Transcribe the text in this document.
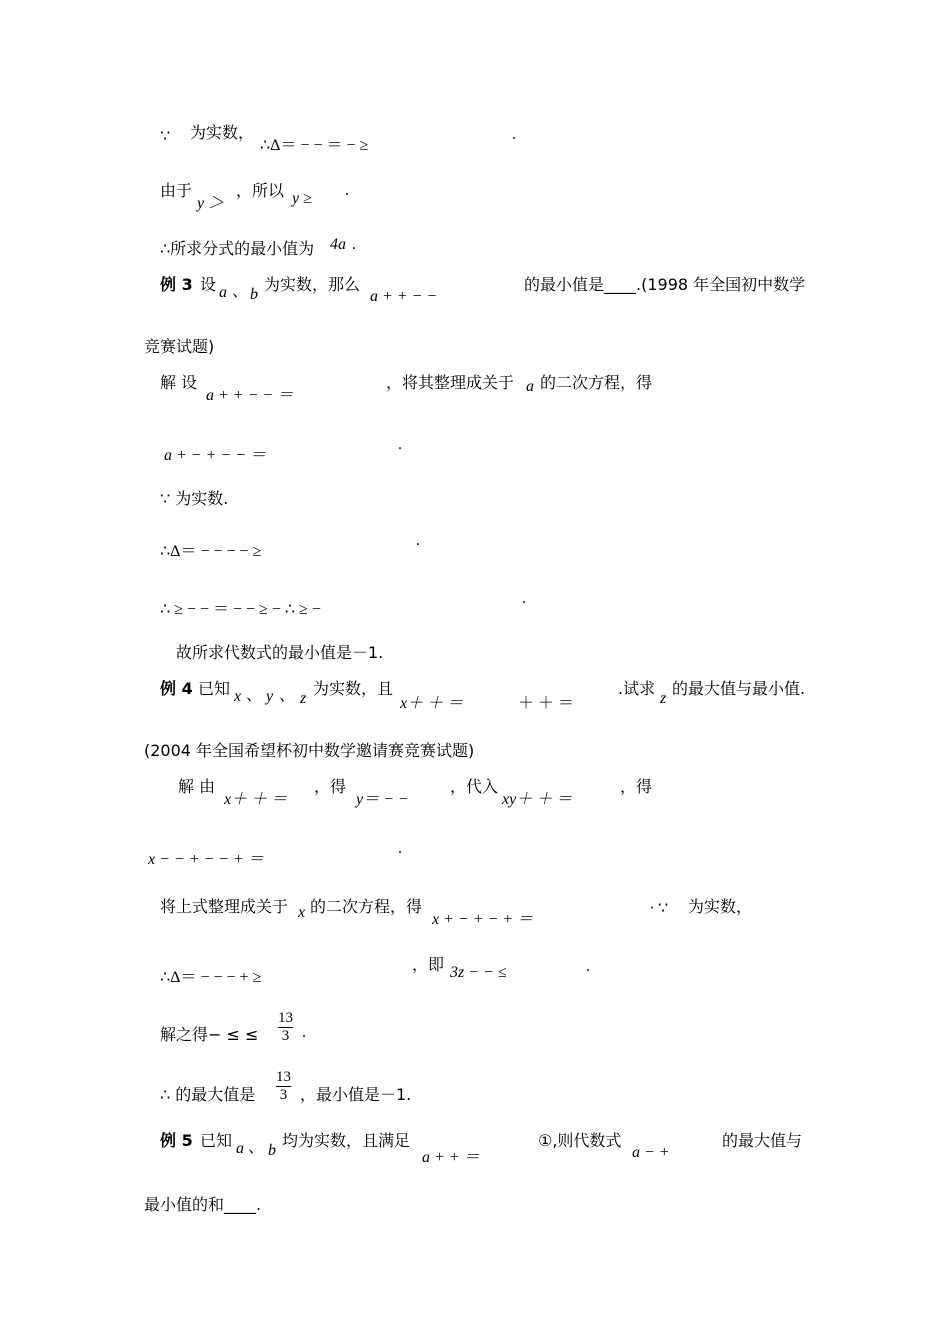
∵ 为实数，
∴Δ＝ − − ＝ − ≥
.
由于
y ＞
，所以 y ≥ .
∴所求分式的最小值为 4a .
例 3 设 a 、 b
为实数，那么
a + + − −
的最小值是____.(1998 年全国初中数学
竞赛试题)
解 设
a + + − − ＝
，将其整理成关于 a 的二次方程，得
a + − + − − ＝
.
∵ 为实数.
∴Δ＝ − − − − ≥
.
∴ ≥ − − ＝ − − ≥ − ∴ ≥ −
.
故所求代数式的最小值是－1.
例 4 已知 x 、 y 、 z
为实数，且
x＋ ＋ ＝	＋ ＋ ＝
.试求
z
的最大值与最小值.
(2004 年全国希望杯初中数学邀请赛竞赛试题)
解 由
x＋ ＋ ＝
，得
y＝ − −
，代入
xy＋ ＋ ＝
，得
x − − + − − + ＝
.
将上式整理成关于 x 的二次方程，得
x + − + − + ＝
∙ ∵ 为实数，
∴Δ＝ − − − + ≥
，即 3z − − ≤	.
解之得− ≤ ≤
13
3 .
∴ 的最大值是
13
3 ，最小值是－1.
例 5 已知 a 、 b
均为实数，且满足
a + + ＝
①,则代数式
a − +
的最大值与
最小值的和____.
